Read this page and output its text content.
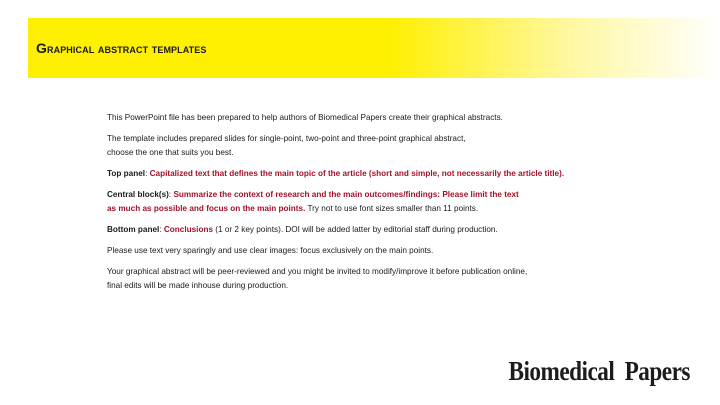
Graphical abstract templates

This PowerPoint file has been prepared to help authors of Biomedical Papers create their graphical abstracts.

The template includes prepared slides for single-point, two-point and three-point graphical abstract,
choose the one that suits you best.

Top panel: Capitalized text that defines the main topic of the article (short and simple, not necessarily the article title).

Central block(s): Summarize the context of research and the main outcomes/findings: Please limit the text
as much as possible and focus on the main points. Try not to use font sizes smaller than 11 points.

Bottom panel: Conclusions (1 or 2 key points). DOI will be added latter by editorial staff during production.

Please use text very sparingly and use clear images: focus exclusively on the main points.

Your graphical abstract will be peer-reviewed and you might be invited to modify/improve it before publication online,
final edits will be made inhouse during production.

Biomedical Papers
